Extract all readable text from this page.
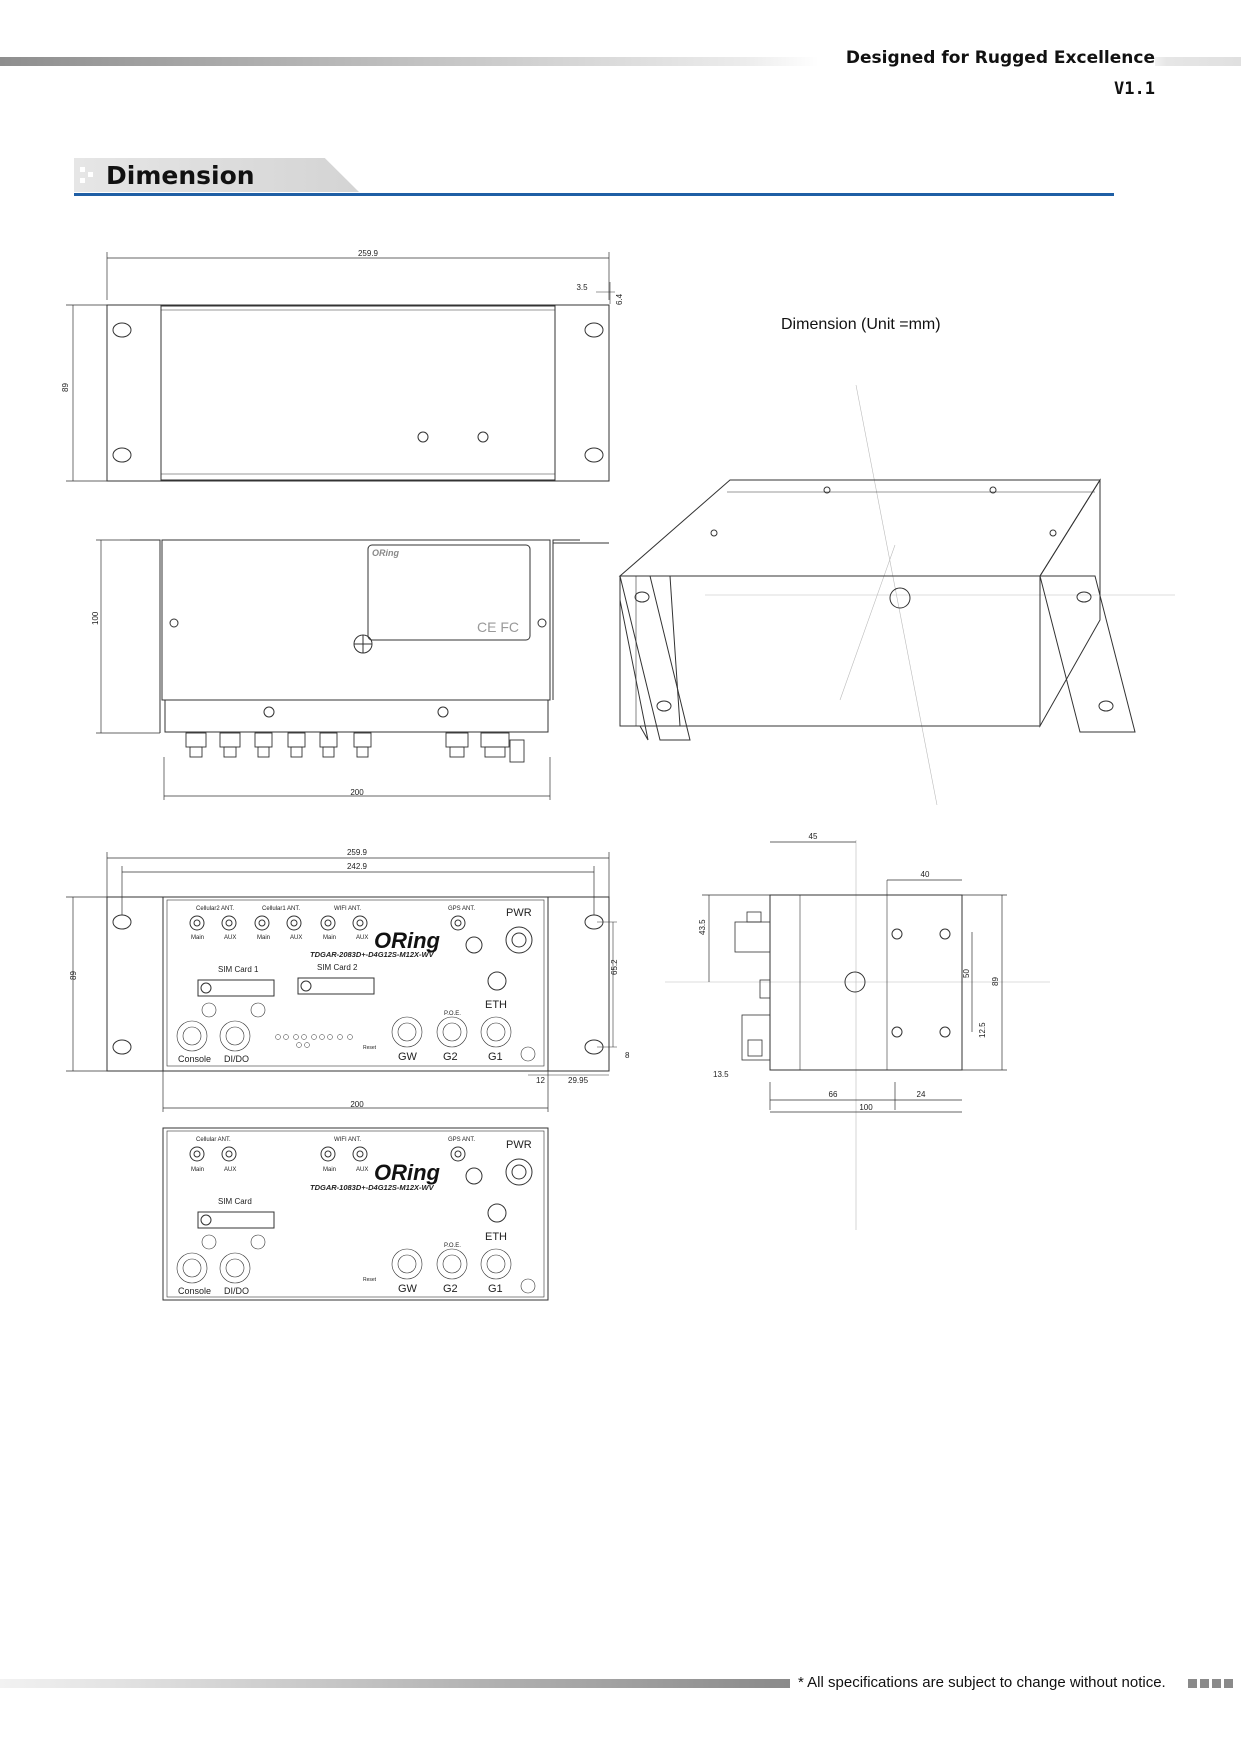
Designed for Rugged Excellence
V1.1
Dimension
259.9
3.5
6.4
89
Dimension (Unit =mm)
100
ORing
CE FC
200
259.9
242.9
89
65.2
8
Cellular2 ANT.	Cellular1 ANT.	WIFI ANT.	GPS ANT.
Main	AUX	Main	AUX	Main	AUX ORing
TDGAR-2083D+-D4G12S-M12X-WV
PWR
SIM Card 1	SIM Card 2
ETH
P.O.E.
Console DI/DO	GW G2	G1
Reset
200
12	29.95
Cellular ANT.	WIFI ANT.	GPS ANT.
Main	AUX	Main	AUX ORing
TDGAR-1083D+-D4G12S-M12X-WV
PWR
SIM Card
ETH
P.O.E.
Console DI/DO	GW G2	G1
Reset
45
40
66	24
100
43.5
89
50
12.5
13.5
* All specifications are subject to change without notice.
